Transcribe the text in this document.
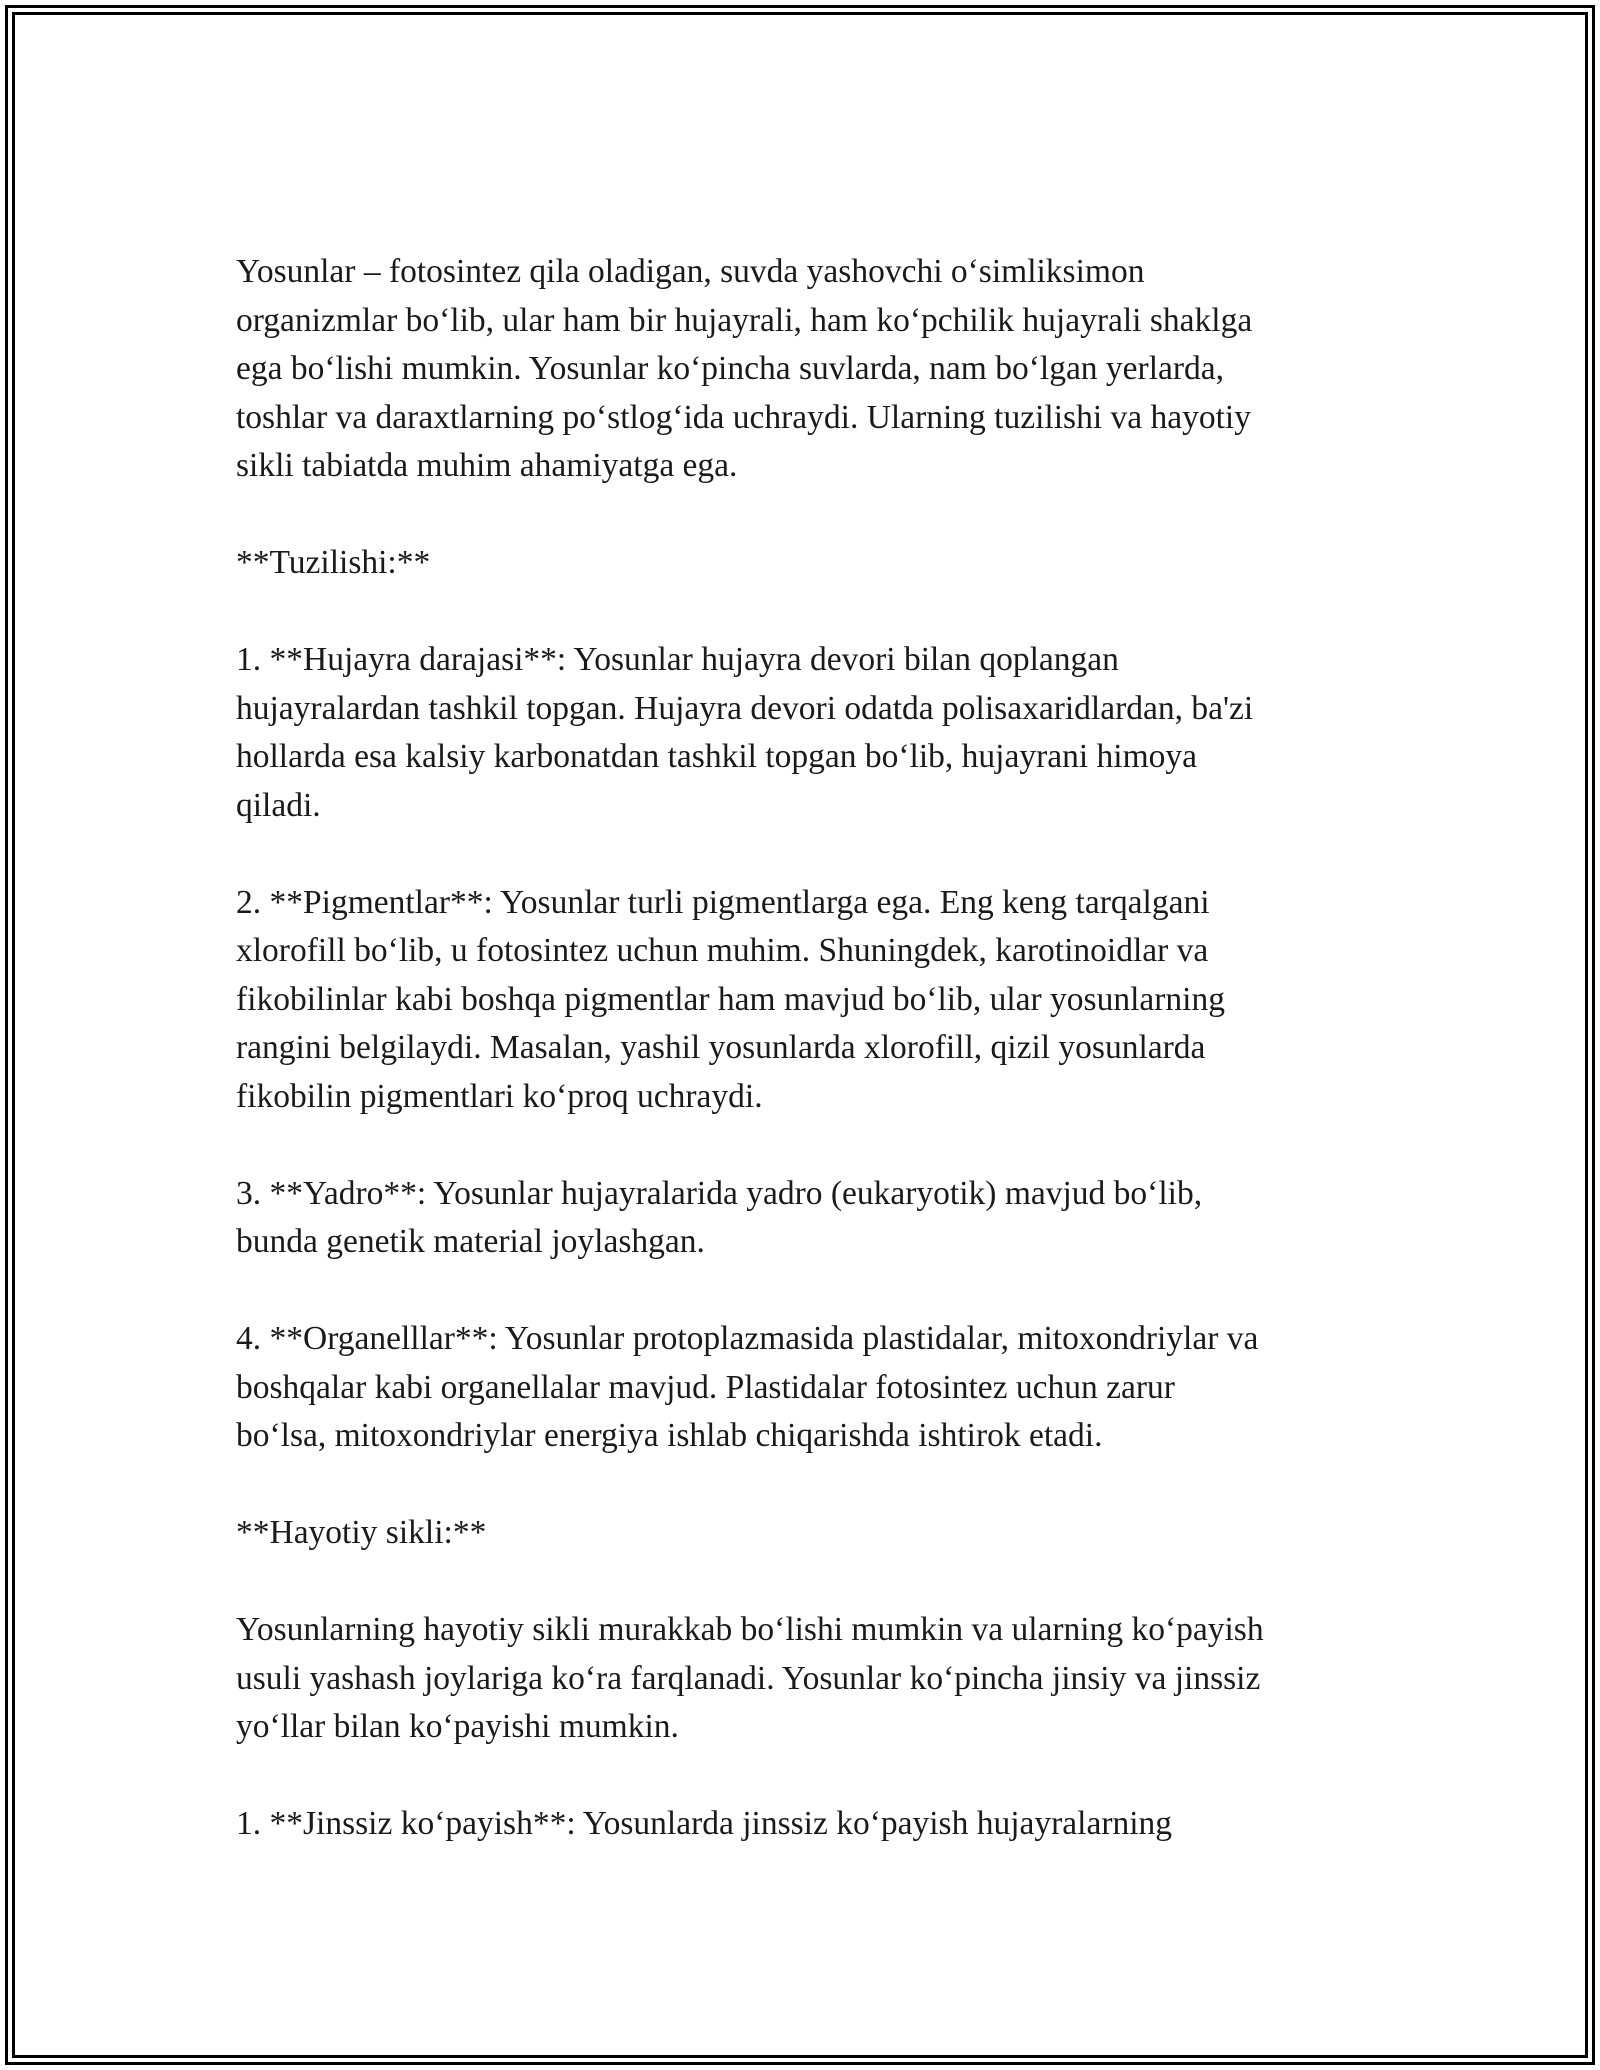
Yosunlar – fotosintez qila oladigan, suvda yashovchi o‘simliksimon
organizmlar bo‘lib, ular ham bir hujayrali, ham ko‘pchilik hujayrali shaklga
ega bo‘lishi mumkin. Yosunlar ko‘pincha suvlarda, nam bo‘lgan yerlarda,
toshlar va daraxtlarning po‘stlog‘ida uchraydi. Ularning tuzilishi va hayotiy
sikli tabiatda muhim ahamiyatga ega.

**Tuzilishi:**

1. **Hujayra darajasi**: Yosunlar hujayra devori bilan qoplangan
hujayralardan tashkil topgan. Hujayra devori odatda polisaxaridlardan, ba'zi
hollarda esa kalsiy karbonatdan tashkil topgan bo‘lib, hujayrani himoya
qiladi.

2. **Pigmentlar**: Yosunlar turli pigmentlarga ega. Eng keng tarqalgani
xlorofill bo‘lib, u fotosintez uchun muhim. Shuningdek, karotinoidlar va
fikobilinlar kabi boshqa pigmentlar ham mavjud bo‘lib, ular yosunlarning
rangini belgilaydi. Masalan, yashil yosunlarda xlorofill, qizil yosunlarda
fikobilin pigmentlari ko‘proq uchraydi.

3. **Yadro**: Yosunlar hujayralarida yadro (eukaryotik) mavjud bo‘lib,
bunda genetik material joylashgan.

4. **Organelllar**: Yosunlar protoplazmasida plastidalar, mitoxondriylar va
boshqalar kabi organellalar mavjud. Plastidalar fotosintez uchun zarur
bo‘lsa, mitoxondriylar energiya ishlab chiqarishda ishtirok etadi.

**Hayotiy sikli:**

Yosunlarning hayotiy sikli murakkab bo‘lishi mumkin va ularning ko‘payish
usuli yashash joylariga ko‘ra farqlanadi. Yosunlar ko‘pincha jinsiy va jinssiz
yo‘llar bilan ko‘payishi mumkin.

1. **Jinssiz ko‘payish**: Yosunlarda jinssiz ko‘payish hujayralarning
